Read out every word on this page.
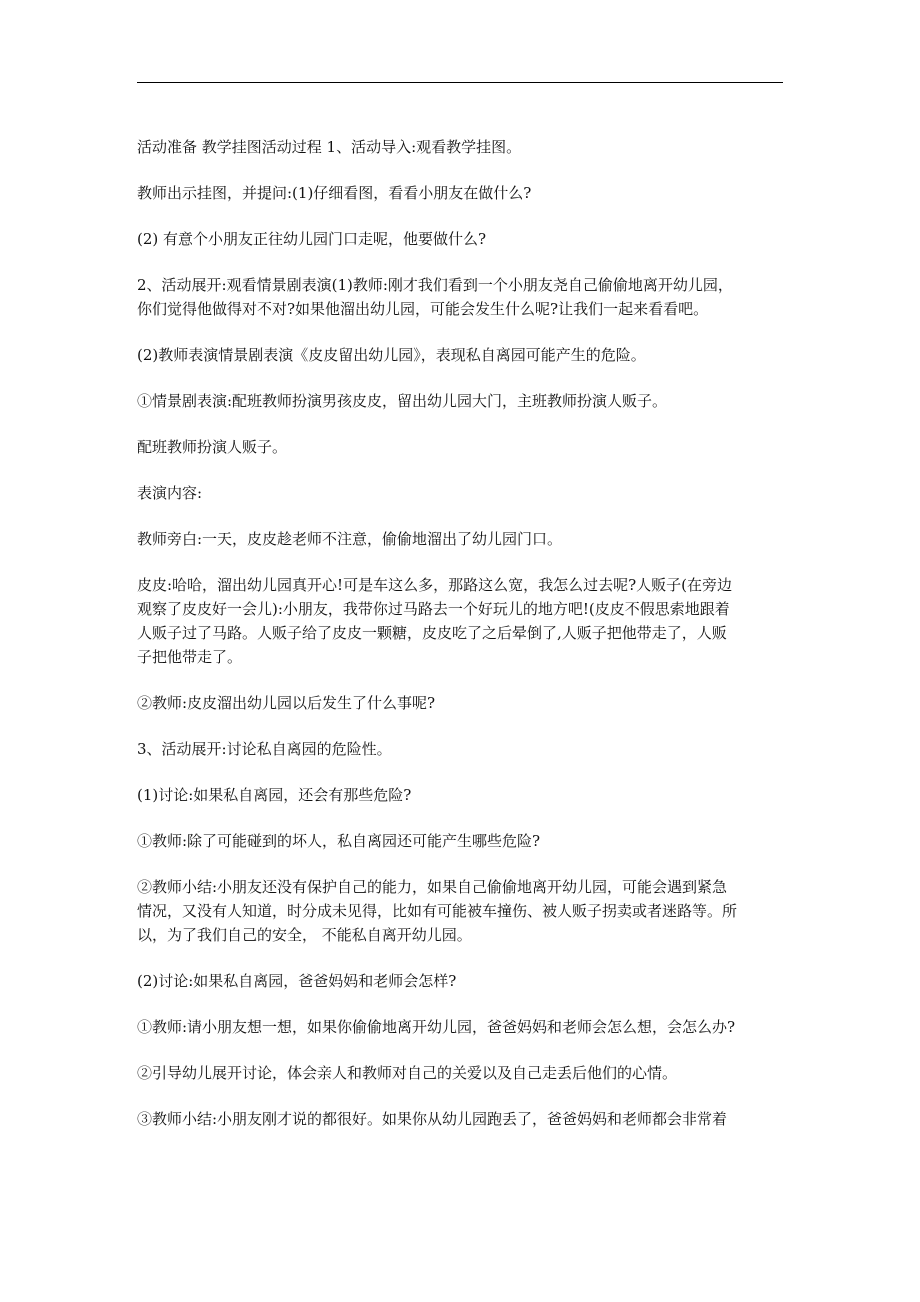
活动准备 教学挂图活动过程 1、活动导入:观看教学挂图。

教师出示挂图，并提问:(1)仔细看图，看看小朋友在做什么?

(2) 有意个小朋友正往幼儿园门口走呢，他要做什么?

2、活动展开:观看情景剧表演(1)教师:刚才我们看到一个小朋友尧自己偷偷地离开幼儿园，
你们觉得他做得对不对?如果他溜出幼儿园，可能会发生什么呢?让我们一起来看看吧。

(2)教师表演情景剧表演《皮皮留出幼儿园》，表现私自离园可能产生的危险。

①情景剧表演:配班教师扮演男孩皮皮，留出幼儿园大门，主班教师扮演人贩子。

配班教师扮演人贩子。

表演内容:

教师旁白:一天，皮皮趁老师不注意，偷偷地溜出了幼儿园门口。

皮皮:哈哈，溜出幼儿园真开心!可是车这么多，那路这么宽，我怎么过去呢?人贩子(在旁边
观察了皮皮好一会儿):小朋友，我带你过马路去一个好玩儿的地方吧!(皮皮不假思索地跟着
人贩子过了马路。人贩子给了皮皮一颗糖，皮皮吃了之后晕倒了,人贩子把他带走了，人贩
子把他带走了。

②教师:皮皮溜出幼儿园以后发生了什么事呢?

3、活动展开:讨论私自离园的危险性。

(1)讨论:如果私自离园，还会有那些危险?

①教师:除了可能碰到的坏人，私自离园还可能产生哪些危险?

②教师小结:小朋友还没有保护自己的能力，如果自己偷偷地离开幼儿园，可能会遇到紧急
情况，又没有人知道，时分成未见得，比如有可能被车撞伤、被人贩子拐卖或者迷路等。所
以，为了我们自己的安全， 不能私自离开幼儿园。

(2)讨论:如果私自离园，爸爸妈妈和老师会怎样?

①教师:请小朋友想一想，如果你偷偷地离开幼儿园，爸爸妈妈和老师会怎么想，会怎么办?

②引导幼儿展开讨论，体会亲人和教师对自己的关爱以及自己走丢后他们的心情。

③教师小结:小朋友刚才说的都很好。如果你从幼儿园跑丢了，爸爸妈妈和老师都会非常着
